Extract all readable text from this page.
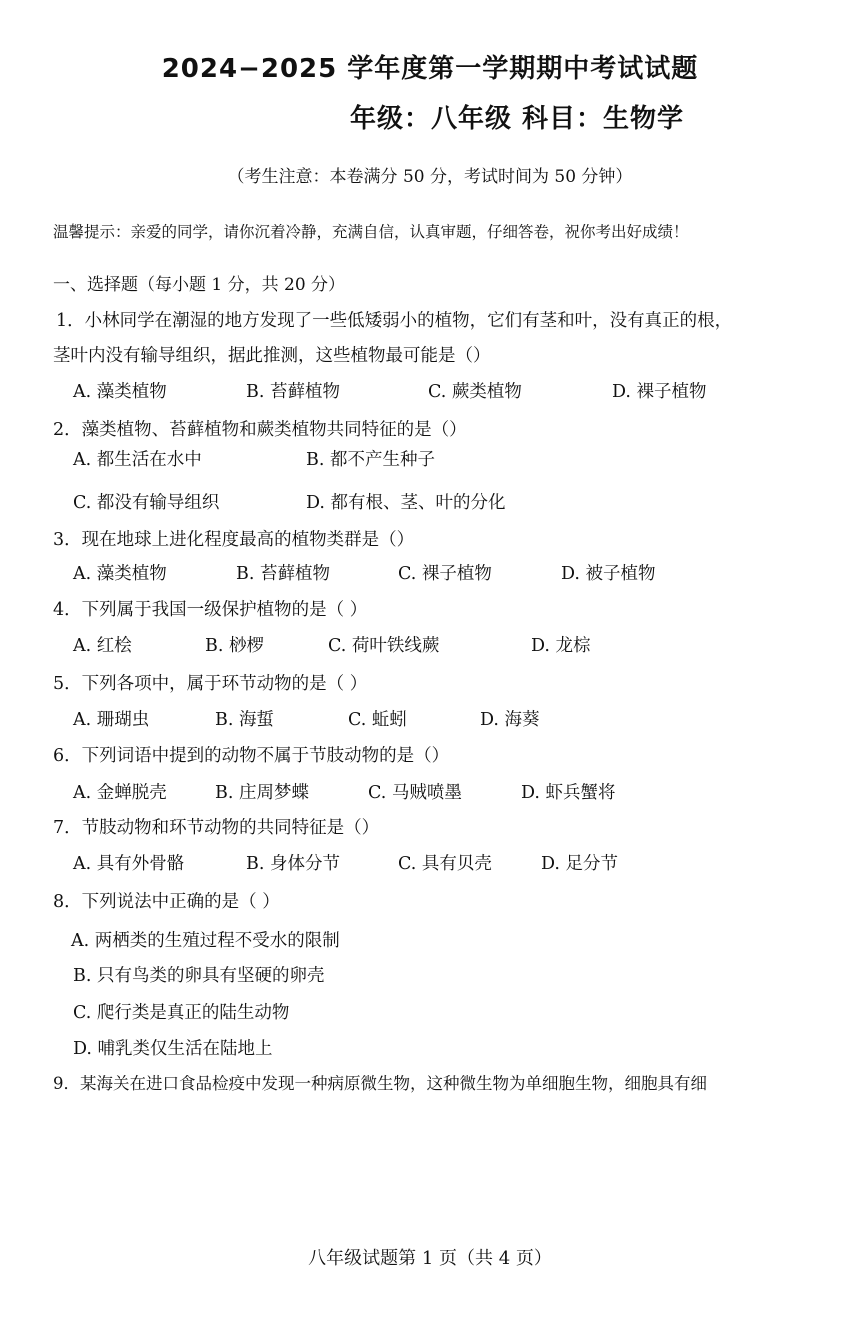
2024−2025 学年度第一学期期中考试试题
年级：八年级 科目：生物学
（考生注意：本卷满分 50 分，考试时间为 50 分钟）
温馨提示：亲爱的同学，请你沉着冷静，充满自信，认真审题，仔细答卷，祝你考出好成绩！
一、选择题（每小题 1 分，共 20 分）
1．小林同学在潮湿的地方发现了一些低矮弱小的植物，它们有茎和叶，没有真正的根，
茎叶内没有输导组织，据此推测，这些植物最可能是（）
A. 藻类植物	B. 苔藓植物	C. 蕨类植物	D. 裸子植物
2．藻类植物、苔藓植物和蕨类植物共同特征的是（）
A. 都生活在水中	B. 都不产生种子
C. 都没有输导组织	D. 都有根、茎、叶的分化
3．现在地球上进化程度最高的植物类群是（）
A. 藻类植物	B. 苔藓植物	C. 裸子植物	D. 被子植物
4．下列属于我国一级保护植物的是（ ）
A. 红桧	B. 桫椤	C. 荷叶铁线蕨	D. 龙棕
5．下列各项中，属于环节动物的是（ ）
A. 珊瑚虫	B. 海蜇	C. 蚯蚓	D. 海葵
6．下列词语中提到的动物不属于节肢动物的是（）
A. 金蝉脱壳	B. 庄周梦蝶	C. 马贼喷墨	D. 虾兵蟹将
7．节肢动物和环节动物的共同特征是（）
A. 具有外骨骼	B. 身体分节	C. 具有贝壳	D. 足分节
8．下列说法中正确的是（ ）
A. 两栖类的生殖过程不受水的限制
B. 只有鸟类的卵具有坚硬的卵壳
C. 爬行类是真正的陆生动物
D. 哺乳类仅生活在陆地上
9．某海关在进口食品检疫中发现一种病原微生物，这种微生物为单细胞生物，细胞具有细
八年级试题第 1 页（共 4 页）
